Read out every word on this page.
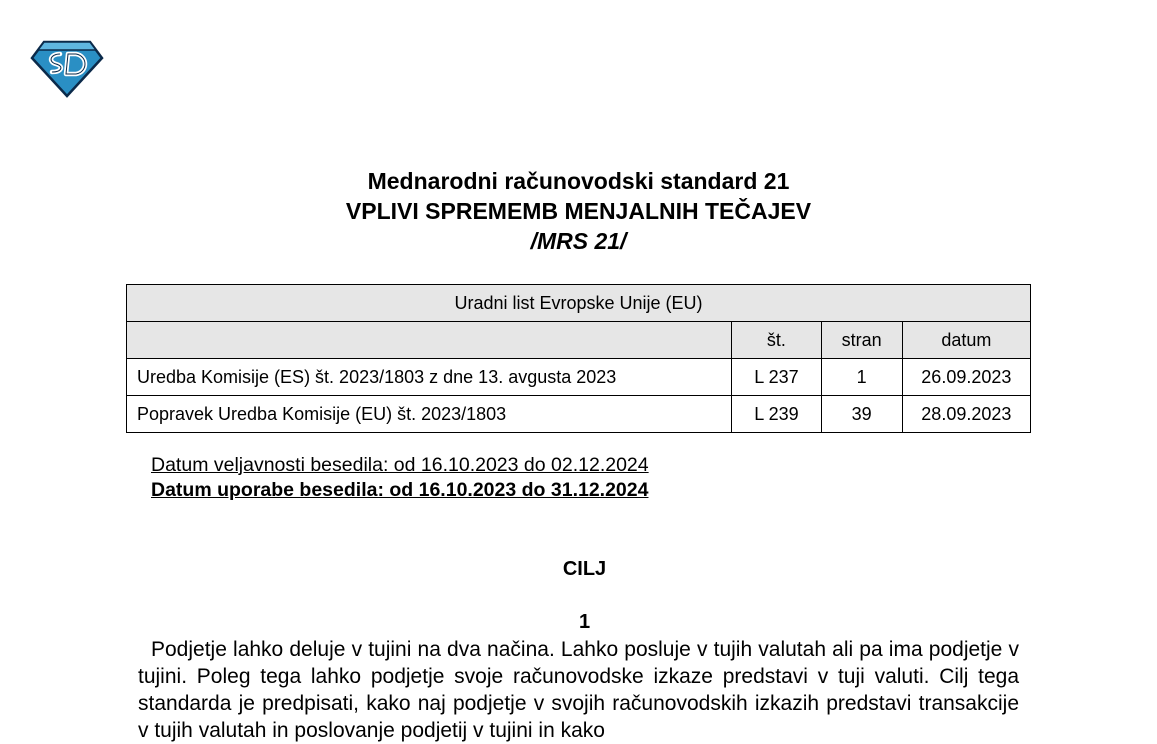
Mednarodni računovodski standard 21
VPLIVI SPREMEMB MENJALNIH TEČAJEV
/MRS 21/
Uradni list Evropske Unije (EU)			
	št.	stran	datum
Uredba Komisije (ES) št. 2023/1803 z dne 13. avgusta 2023	L 237	1	26.09.2023
Popravek Uredba Komisije (EU) št. 2023/1803	L 239	39	28.09.2023
Datum veljavnosti besedila: od 16.10.2023 do 02.12.2024
Datum uporabe besedila: od 16.10.2023 do 31.12.2024
CILJ
1
Podjetje lahko deluje v tujini na dva načina. Lahko posluje v tujih valutah ali pa ima podjetje v tujini. Poleg tega lahko podjetje svoje računovodske izkaze predstavi v tuji valuti. Cilj tega standarda je predpisati, kako naj podjetje v svojih računovodskih izkazih predstavi transakcije v tujih valutah in poslovanje podjetij v tujini in kako
